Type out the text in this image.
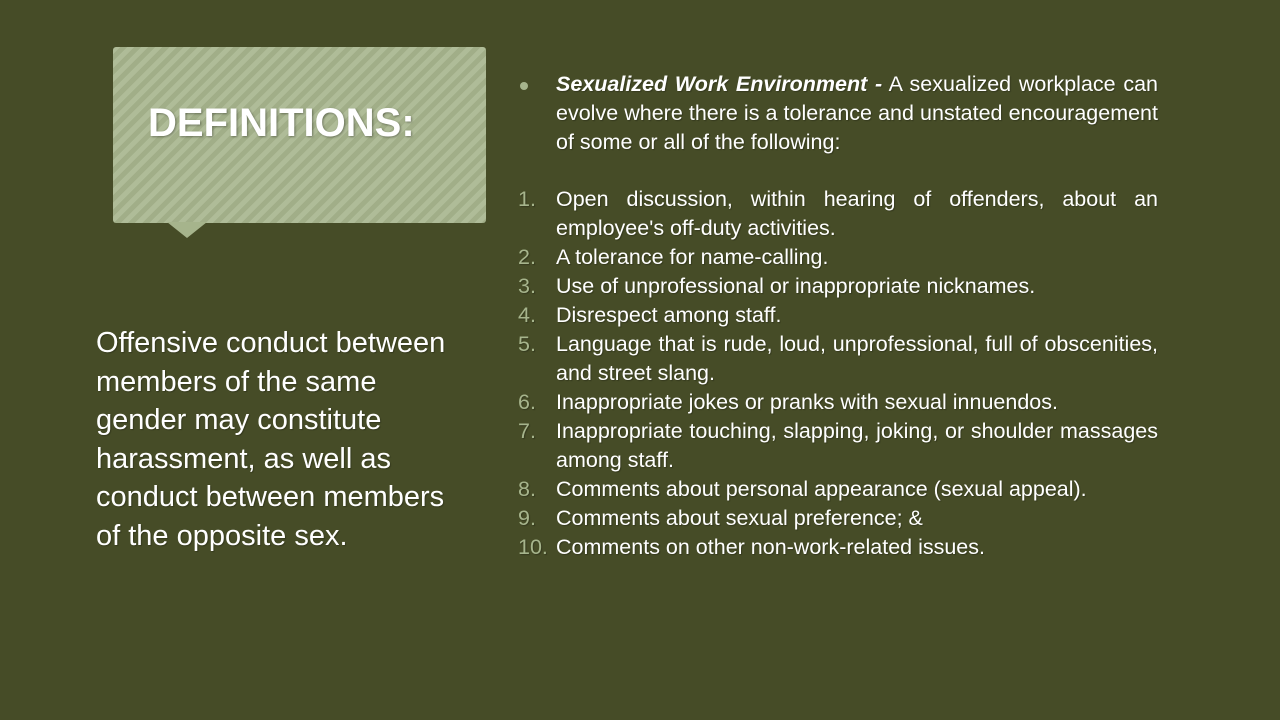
DEFINITIONS:

Offensive conduct between members of the same gender may constitute harassment, as well as conduct between members of the opposite sex.

Sexualized Work Environment - A sexualized workplace can evolve where there is a tolerance and unstated encouragement of some or all of the following:

1. Open discussion, within hearing of offenders, about an employee's off-duty activities.
2. A tolerance for name-calling.
3. Use of unprofessional or inappropriate nicknames.
4. Disrespect among staff.
5. Language that is rude, loud, unprofessional, full of obscenities, and street slang.
6. Inappropriate jokes or pranks with sexual innuendos.
7. Inappropriate touching, slapping, joking, or shoulder massages among staff.
8. Comments about personal appearance (sexual appeal).
9. Comments about sexual preference; &
10. Comments on other non-work-related issues.
